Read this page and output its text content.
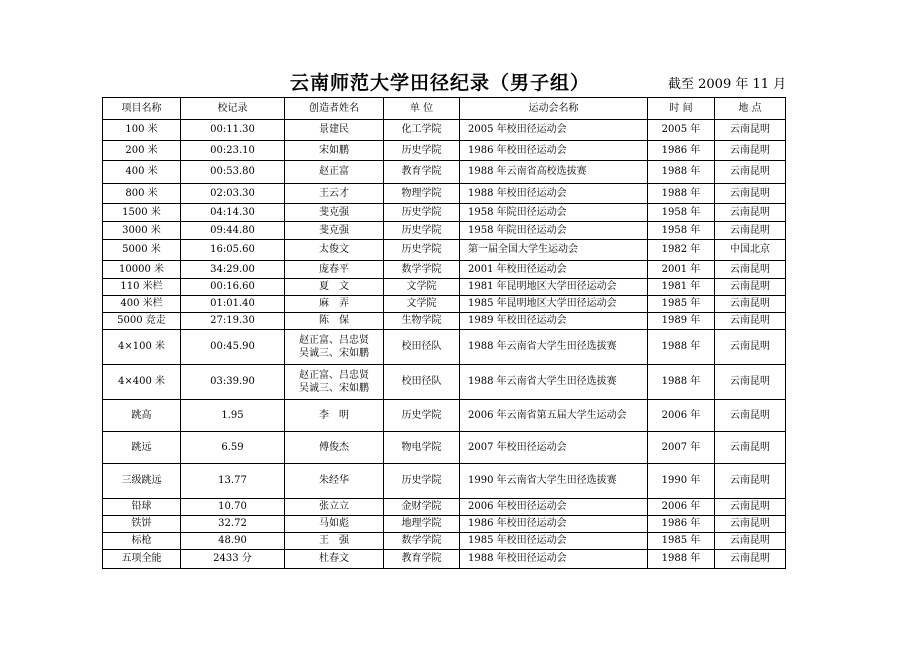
云南师范大学田径纪录（男子组）	截至 2009 年 11 月
项目名称	校记录	创造者姓名	单 位	运动会名称	时 间	地 点
100 米	00:11.30	景建民	化工学院	2005 年校田径运动会	2005 年	云南昆明
200 米	00:23.10	宋如鹏	历史学院	1986 年校田径运动会	1986 年	云南昆明
400 米	00:53.80	赵正富	教育学院	1988 年云南省高校选拔赛	1988 年	云南昆明
800 米	02:03.30	王云才	物理学院	1988 年校田径运动会	1988 年	云南昆明
1500 米	04:14.30	斐克强	历史学院	1958 年院田径运动会	1958 年	云南昆明
3000 米	09:44.80	斐克强	历史学院	1958 年院田径运动会	1958 年	云南昆明
5000 米	16:05.60	太俊文	历史学院	第一届全国大学生运动会	1982 年	中国北京
10000 米	34:29.00	庞春平	数学学院	2001 年校田径运动会	2001 年	云南昆明
110 米栏	00:16.60	夏　文	文学院	1981 年昆明地区大学田径运动会	1981 年	云南昆明
400 米栏	01:01.40	麻　弄	文学院	1985 年昆明地区大学田径运动会	1985 年	云南昆明
5000 竞走	27:19.30	陈　保	生物学院	1989 年校田径运动会	1989 年	云南昆明
4×100 米	00:45.90	赵正富、吕忠贤
吴诚三、宋如鹏	校田径队	1988 年云南省大学生田径选拔赛	1988 年	云南昆明
4×400 米	03:39.90	赵正富、吕忠贤
吴诚三、宋如鹏	校田径队	1988 年云南省大学生田径选拔赛	1988 年	云南昆明
跳高	1.95	李　明	历史学院	2006 年云南省第五届大学生运动会	2006 年	云南昆明
跳远	6.59	傅俊杰	物电学院	2007 年校田径运动会	2007 年	云南昆明
三级跳远	13.77	朱经华	历史学院	1990 年云南省大学生田径选拔赛	1990 年	云南昆明
铅球	10.70	张立立	金财学院	2006 年校田径运动会	2006 年	云南昆明
铁饼	32.72	马如彪	地理学院	1986 年校田径运动会	1986 年	云南昆明
标枪	48.90	王　强	数学学院	1985 年校田径运动会	1985 年	云南昆明
五项全能	2433 分	杜春文	教育学院	1988 年校田径运动会	1988 年	云南昆明
